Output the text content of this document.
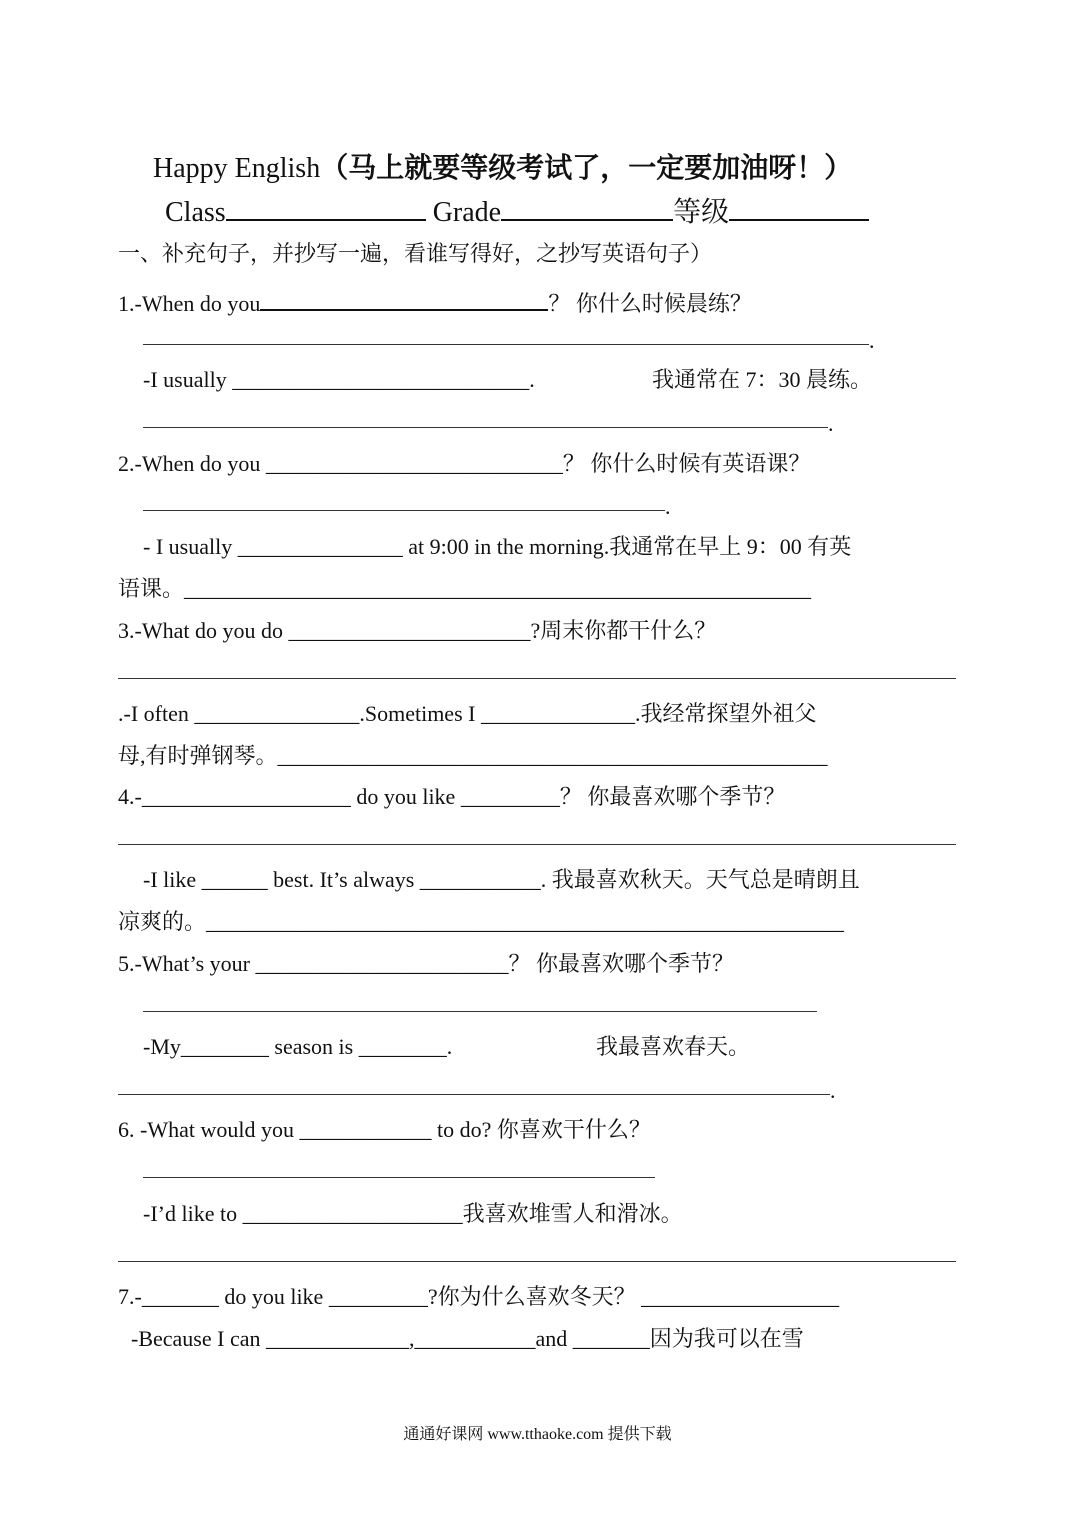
Happy English（马上就要等级考试了，一定要加油呀！）
Class	Grade	等级
一、补充句子，并抄写一遍，看谁写得好，之抄写英语句子）
1.-When do you	？ 你什么时候晨练？
.
-I usually ___________________________.	我通常在 7：30 晨练。
.
2.-When do you ___________________________？ 你什么时候有英语课？
.
- I usually _______________ at 9:00 in the morning.我通常在早上 9：00 有英
语课。_________________________________________________________
3.-What do you do ______________________?周末你都干什么？
.-I often _______________.Sometimes I ______________.我经常探望外祖父
母,有时弹钢琴。__________________________________________________
4.-___________________ do you like _________？ 你最喜欢哪个季节？
-I like ______ best. It’s always ___________. 我最喜欢秋天。天气总是晴朗且
凉爽的。__________________________________________________________
5.-What’s your _______________________？ 你最喜欢哪个季节？
-My________ season is ________.	我最喜欢春天。
.
6. -What would you ____________ to do? 你喜欢干什么？
-I’d like to ____________________我喜欢堆雪人和滑冰。
7.-_______ do you like _________?你为什么喜欢冬天？ __________________
-Because I can _____________,___________and _______因为我可以在雪
通通好课网 www.tthaoke.com 提供下载
